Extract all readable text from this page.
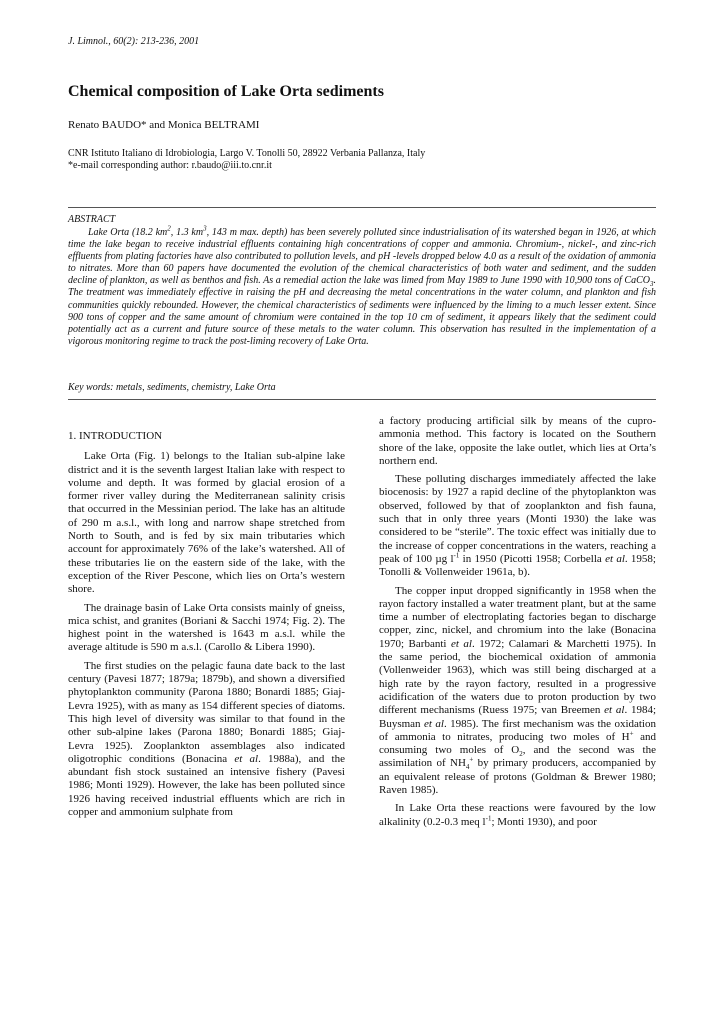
J. Limnol., 60(2): 213-236, 2001
Chemical composition of Lake Orta sediments
Renato BAUDO* and Monica BELTRAMI
CNR Istituto Italiano di Idrobiologia, Largo V. Tonolli 50, 28922 Verbania Pallanza, Italy
*e-mail corresponding author: r.baudo@iii.to.cnr.it
ABSTRACT

Lake Orta (18.2 $km^2$, 1.3 $km^3$, 143 m max. depth) has been severely polluted since industrialisation of its watershed began in 1926, at which time the lake began to receive industrial effluents containing high concentrations of copper and ammonia. Chromium-, nickel-, and zinc-rich effluents from plating factories have also contributed to pollution levels, and pH -levels dropped below 4.0 as a result of the oxidation of ammonia to nitrates. More than 60 papers have documented the evolution of the chemical characteristics of both water and sediment, and the sudden decline of plankton, as well as benthos and fish. As a remedial action the lake was limed from May 1989 to June 1990 with 10,900 tons of CaCO$_3$. The treatment was immediately effective in raising the pH and decreasing the metal concentrations in the water column, and plankton and fish communities quickly rebounded. However, the chemical characteristics of sediments were influenced by the liming to a much lesser extent. Since 900 tons of copper and the same amount of chromium were contained in the top 10 cm of sediment, it appears likely that the sediment could potentially act as a current and future source of these metals to the water column. This observation has resulted in the implementation of a vigorous monitoring regime to track the post-liming recovery of Lake Orta.

Key words: metals, sediments, chemistry, Lake Orta
1. INTRODUCTION

Lake Orta (Fig. 1) belongs to the Italian sub-alpine lake district and it is the seventh largest Italian lake with respect to volume and depth. It was formed by glacial erosion of a former river valley during the Mediterranean salinity crisis that occurred in the Messinian period. The lake has an altitude of 290 m a.s.l., with long and narrow shape stretched from North to South, and is fed by six main tributaries which account for approximately 76% of the lake’s watershed. All of these tributaries lie on the eastern side of the lake, with the exception of the River Pescone, which lies on Orta’s western shore.

The drainage basin of Lake Orta consists mainly of gneiss, mica schist, and granites (Boriani & Sacchi 1974; Fig. 2). The highest point in the watershed is 1643 m a.s.l. while the average altitude is 590 m a.s.l. (Carollo & Libera 1990).

The first studies on the pelagic fauna date back to the last century (Pavesi 1877; 1879a; 1879b), and shown a diversified phytoplankton community (Parona 1880; Bonardi 1885; Giaj-Levra 1925), with as many as 154 different species of diatoms. This high level of diversity was similar to that found in the other sub-alpine lakes (Parona 1880; Bonardi 1885; Giaj-Levra 1925). Zooplankton assemblages also indicated oligotrophic conditions (Bonacina et al. 1988a), and the abundant fish stock sustained an intensive fishery (Pavesi 1986; Monti 1929). However, the lake has been polluted since 1926 having received industrial effluents which are rich in copper and ammonium sulphate from

a factory producing artificial silk by means of the cupro-ammonia method. This factory is located on the Southern shore of the lake, opposite the lake outlet, which lies at Orta’s northern end.

These polluting discharges immediately affected the lake biocenosis: by 1927 a rapid decline of the phytoplankton was observed, followed by that of zooplankton and fish fauna, such that in only three years (Monti 1930) the lake was considered to be “sterile”. The toxic effect was initially due to the increase of copper concentrations in the waters, reaching a peak of 100 µg $l^{-1}$ in 1950 (Picotti 1958; Corbella et al. 1958; Tonolli & Vollenweider 1961a, b).

The copper input dropped significantly in 1958 when the rayon factory installed a water treatment plant, but at the same time a number of electroplating factories began to discharge copper, zinc, nickel, and chromium into the lake (Bonacina 1970; Barbanti et al. 1972; Calamari & Marchetti 1975). In the same period, the biochemical oxidation of ammonia (Vollenweider 1963), which was still being discharged at a high rate by the rayon factory, resulted in a progressive acidification of the waters due to proton production by two different mechanisms (Ruess 1975; van Breemen et al. 1984; Buysman et al. 1985). The first mechanism was the oxidation of ammonia to nitrates, producing two moles of H+ and consuming two moles of $O_2$, and the second was the assimilation of $NH_4^+$ by primary producers, accompanied by an equivalent release of protons (Goldman & Brewer 1980; Raven 1985).

In Lake Orta these reactions were favoured by the low alkalinity (0.2-0.3 meq $l^{-1}$; Monti 1930), and poor
